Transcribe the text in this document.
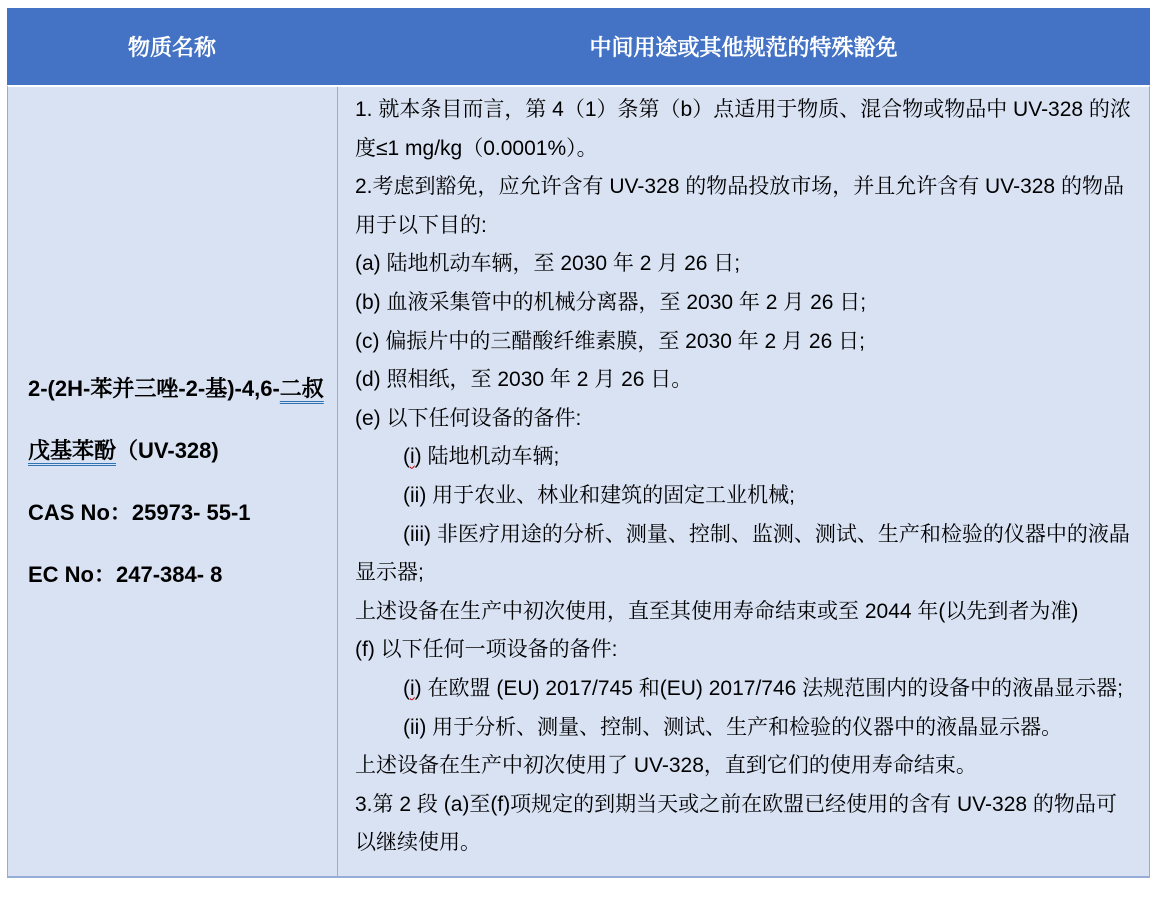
物质名称	中间用途或其他规范的特殊豁免

2-(2H-苯并三唑-2-基)-4,6-二叔

戊基苯酚（UV-328)

CAS No：25973- 55-1

EC No：247-384- 8

1. 就本条目而言，第 4（1）条第（b）点适用于物质、混合物或物品中 UV-328 的浓度≤1 mg/kg（0.0001%）。

2.考虑到豁免，应允许含有 UV-328 的物品投放市场，并且允许含有 UV-328 的物品用于以下目的:

(a) 陆地机动车辆，至 2030 年 2 月 26 日;

(b) 血液采集管中的机械分离器，至 2030 年 2 月 26 日;

(c) 偏振片中的三醋酸纤维素膜，至 2030 年 2 月 26 日;

(d) 照相纸，至 2030 年 2 月 26 日。

(e) 以下任何设备的备件:

(i) 陆地机动车辆;

(ii) 用于农业、林业和建筑的固定工业机械;

(iii) 非医疗用途的分析、测量、控制、监测、测试、生产和检验的仪器中的液晶显示器;

上述设备在生产中初次使用，直至其使用寿命结束或至 2044 年(以先到者为准)

(f) 以下任何一项设备的备件:

(i) 在欧盟 (EU) 2017/745 和(EU) 2017/746 法规范围内的设备中的液晶显示器;

(ii) 用于分析、测量、控制、测试、生产和检验的仪器中的液晶显示器。

上述设备在生产中初次使用了 UV-328，直到它们的使用寿命结束。

3.第 2 段 (a)至(f)项规定的到期当天或之前在欧盟已经使用的含有 UV-328 的物品可以继续使用。
